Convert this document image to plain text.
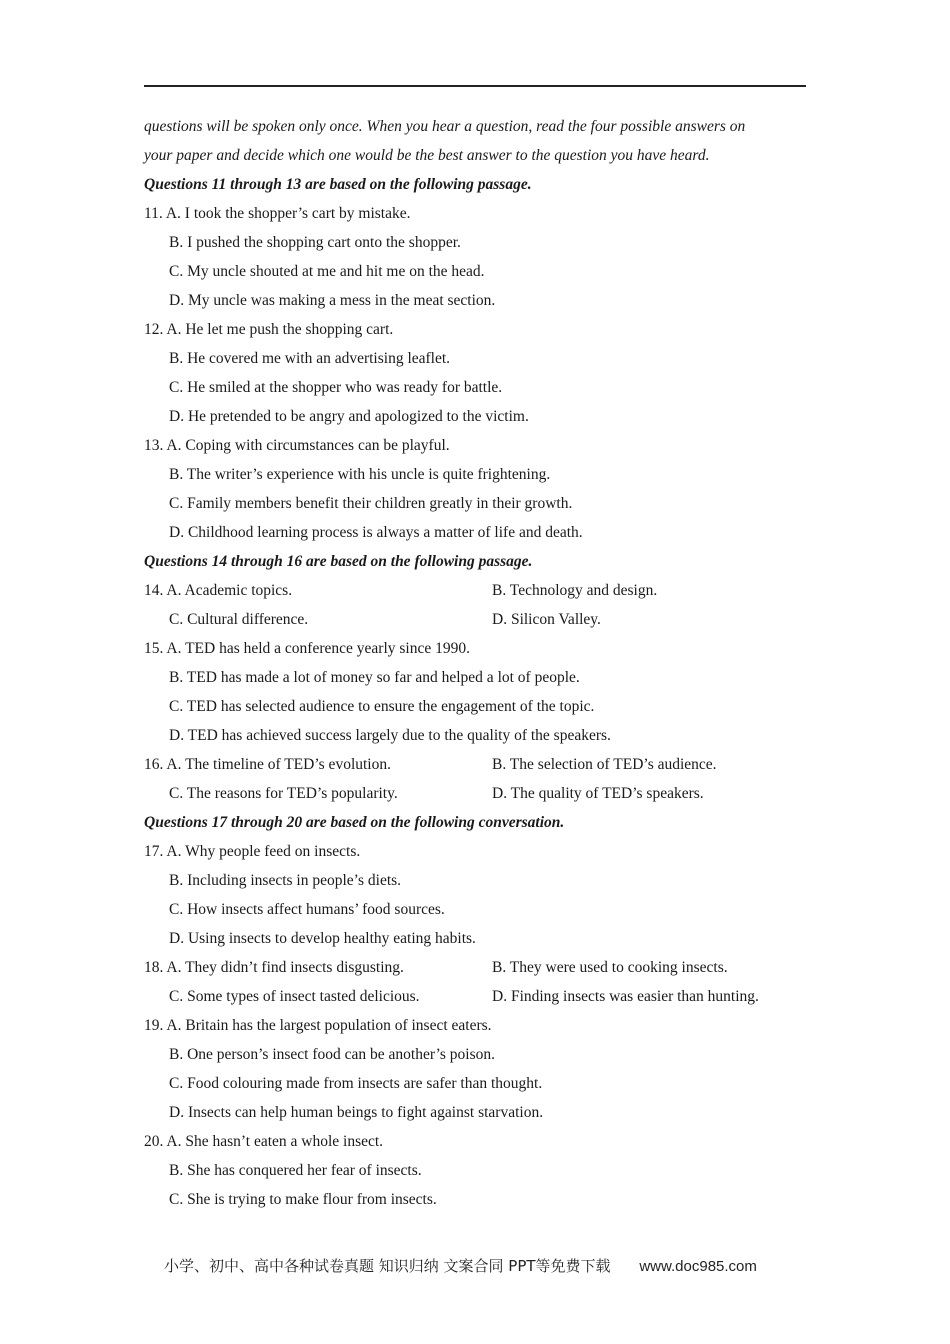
questions will be spoken only once. When you hear a question, read the four possible answers on
your paper and decide which one would be the best answer to the question you have heard.
Questions 11 through 13 are based on the following passage.
11. A. I took the shopper’s cart by mistake.
B. I pushed the shopping cart onto the shopper.
C. My uncle shouted at me and hit me on the head.
D. My uncle was making a mess in the meat section.
12. A. He let me push the shopping cart.
B. He covered me with an advertising leaflet.
C. He smiled at the shopper who was ready for battle.
D. He pretended to be angry and apologized to the victim.
13. A. Coping with circumstances can be playful.
B. The writer’s experience with his uncle is quite frightening.
C. Family members benefit their children greatly in their growth.
D. Childhood learning process is always a matter of life and death.
Questions 14 through 16 are based on the following passage.
14. A. Academic topics.	B. Technology and design.
C. Cultural difference.	D. Silicon Valley.
15. A. TED has held a conference yearly since 1990.
B. TED has made a lot of money so far and helped a lot of people.
C. TED has selected audience to ensure the engagement of the topic.
D. TED has achieved success largely due to the quality of the speakers.
16. A. The timeline of TED’s evolution.	B. The selection of TED’s audience.
C. The reasons for TED’s popularity.	D. The quality of TED’s speakers.
Questions 17 through 20 are based on the following conversation.
17. A. Why people feed on insects.
B. Including insects in people’s diets.
C. How insects affect humans’ food sources.
D. Using insects to develop healthy eating habits.
18. A. They didn’t find insects disgusting.	B. They were used to cooking insects.
C. Some types of insect tasted delicious.	D. Finding insects was easier than hunting.
19. A. Britain has the largest population of insect eaters.
B. One person’s insect food can be another’s poison.
C. Food colouring made from insects are safer than thought.
D. Insects can help human beings to fight against starvation.
20. A. She hasn’t eaten a whole insect.
B. She has conquered her fear of insects.
C. She is trying to make flour from insects.
小学、初中、高中各种试卷真题 知识归纳 文案合同 PPT等免费下载 www.doc985.com
